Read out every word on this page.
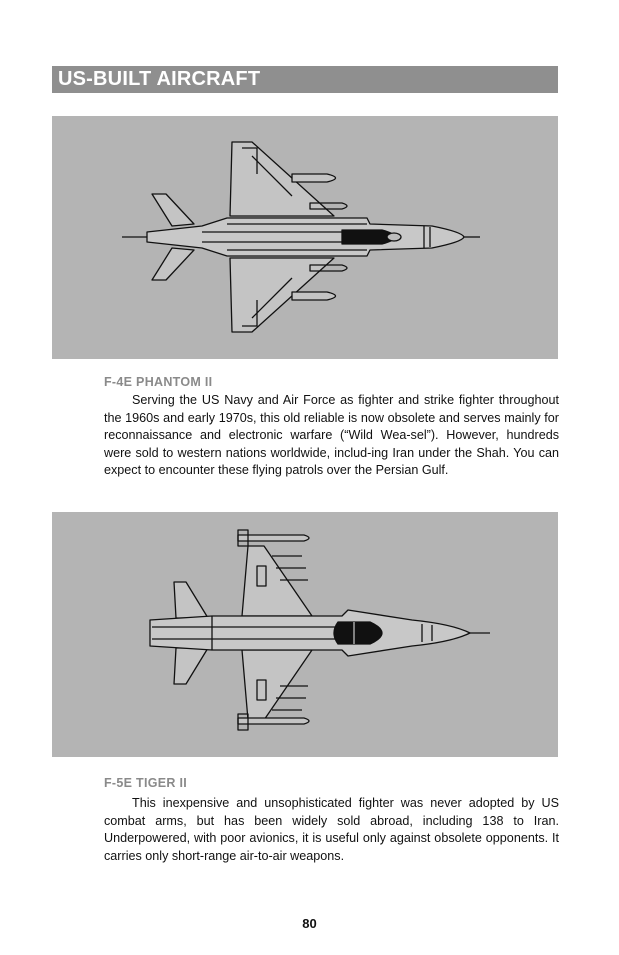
US-BUILT AIRCRAFT
F-4E PHANTOM II

Serving the US Navy and Air Force as fighter and strike fighter throughout the 1960s and early 1970s, this old reliable is now obsolete and serves mainly for reconnaissance and electronic warfare (“Wild Wea-sel”). However, hundreds were sold to western nations worldwide, includ-ing Iran under the Shah. You can expect to encounter these flying patrols over the Persian Gulf.

F-5E TIGER II

This inexpensive and unsophisticated fighter was never adopted by US combat arms, but has been widely sold abroad, including 138 to Iran. Underpowered, with poor avionics, it is useful only against obsolete opponents. It carries only short-range air-to-air weapons.

80
